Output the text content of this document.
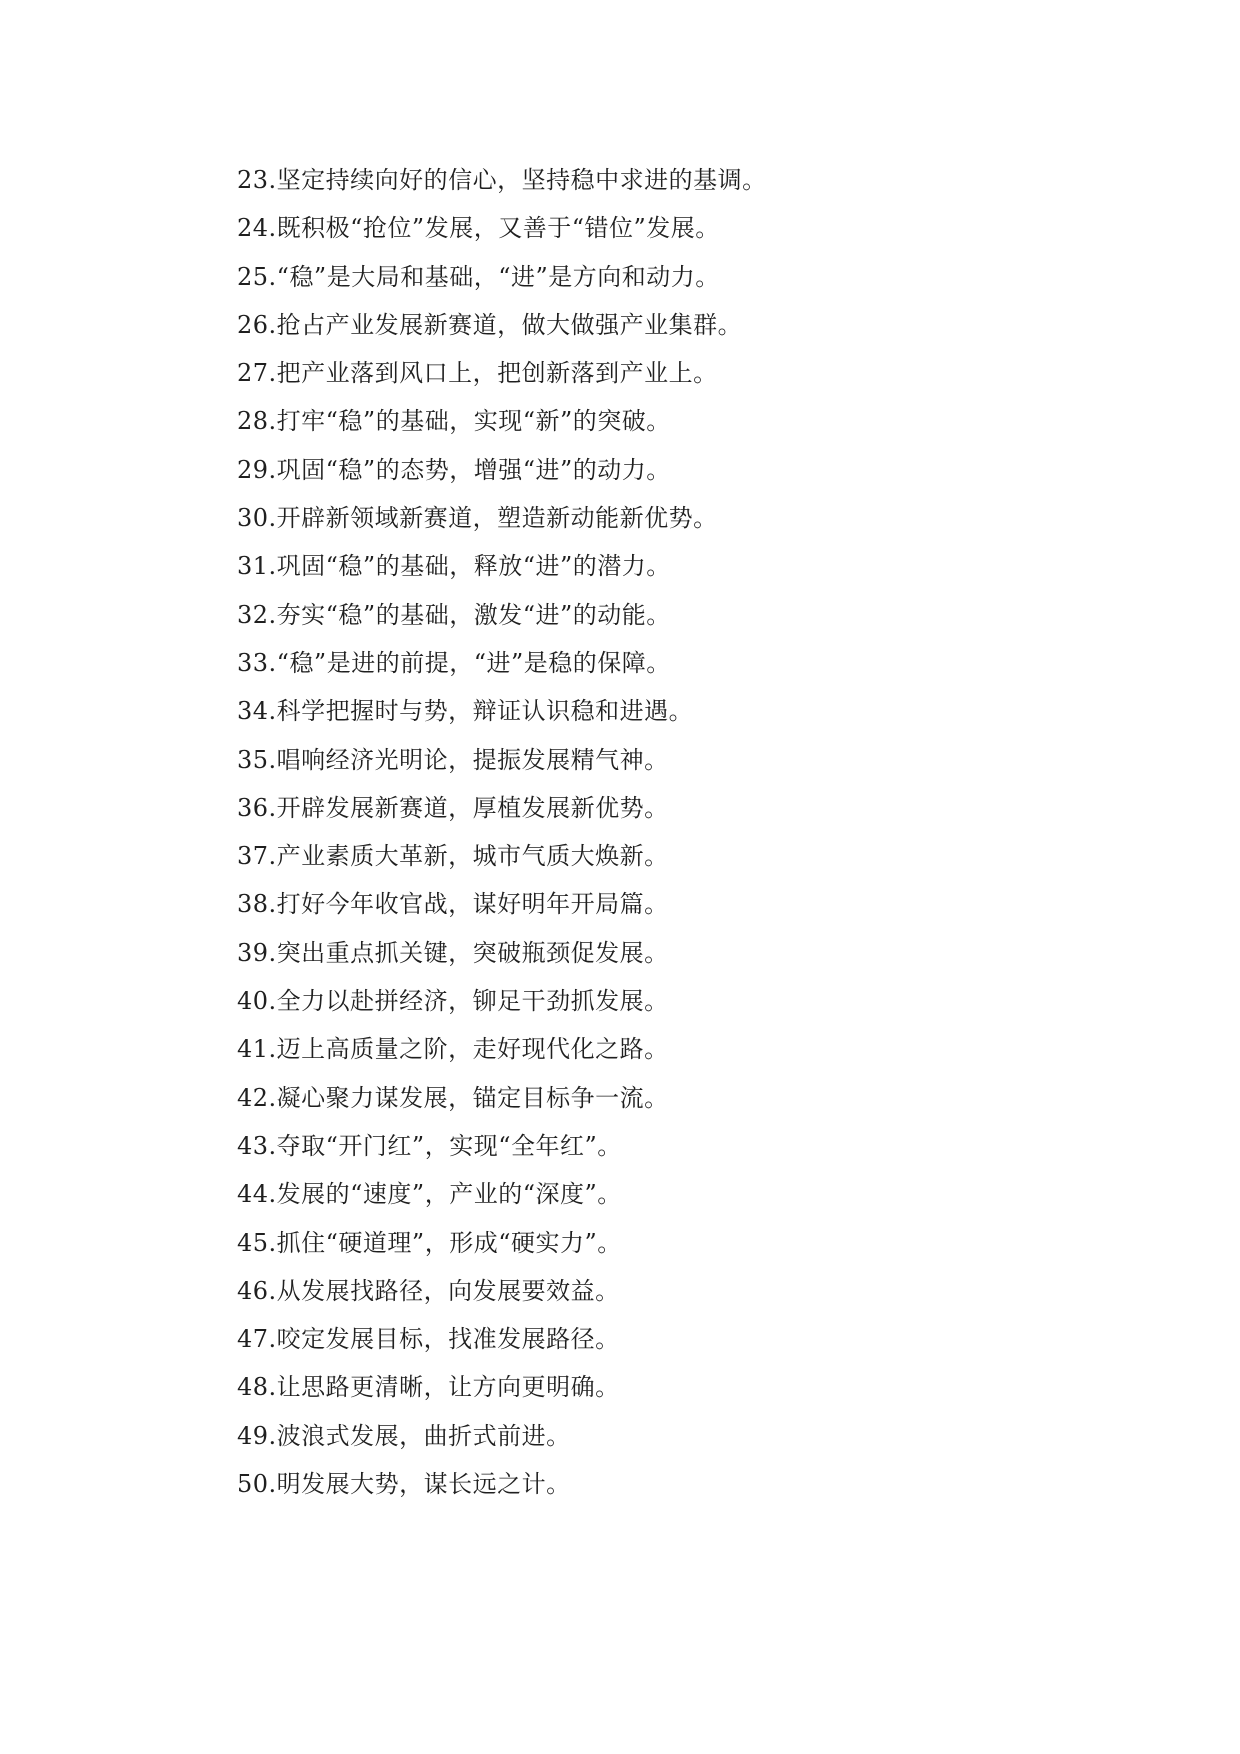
23.坚定持续向好的信心，坚持稳中求进的基调。
24.既积极“抢位”发展，又善于“错位”发展。
25.“稳”是大局和基础，“进”是方向和动力。
26.抢占产业发展新赛道，做大做强产业集群。
27.把产业落到风口上，把创新落到产业上。
28.打牢“稳”的基础，实现“新”的突破。
29.巩固“稳”的态势，增强“进”的动力。
30.开辟新领域新赛道，塑造新动能新优势。
31.巩固“稳”的基础，释放“进”的潜力。
32.夯实“稳”的基础，激发“进”的动能。
33.“稳”是进的前提，“进”是稳的保障。
34.科学把握时与势，辩证认识稳和进遇。
35.唱响经济光明论，提振发展精气神。
36.开辟发展新赛道，厚植发展新优势。
37.产业素质大革新，城市气质大焕新。
38.打好今年收官战，谋好明年开局篇。
39.突出重点抓关键，突破瓶颈促发展。
40.全力以赴拼经济，铆足干劲抓发展。
41.迈上高质量之阶，走好现代化之路。
42.凝心聚力谋发展，锚定目标争一流。
43.夺取“开门红”，实现“全年红”。
44.发展的“速度”，产业的“深度”。
45.抓住“硬道理”，形成“硬实力”。
46.从发展找路径，向发展要效益。
47.咬定发展目标，找准发展路径。
48.让思路更清晰，让方向更明确。
49.波浪式发展，曲折式前进。
50.明发展大势，谋长远之计。
